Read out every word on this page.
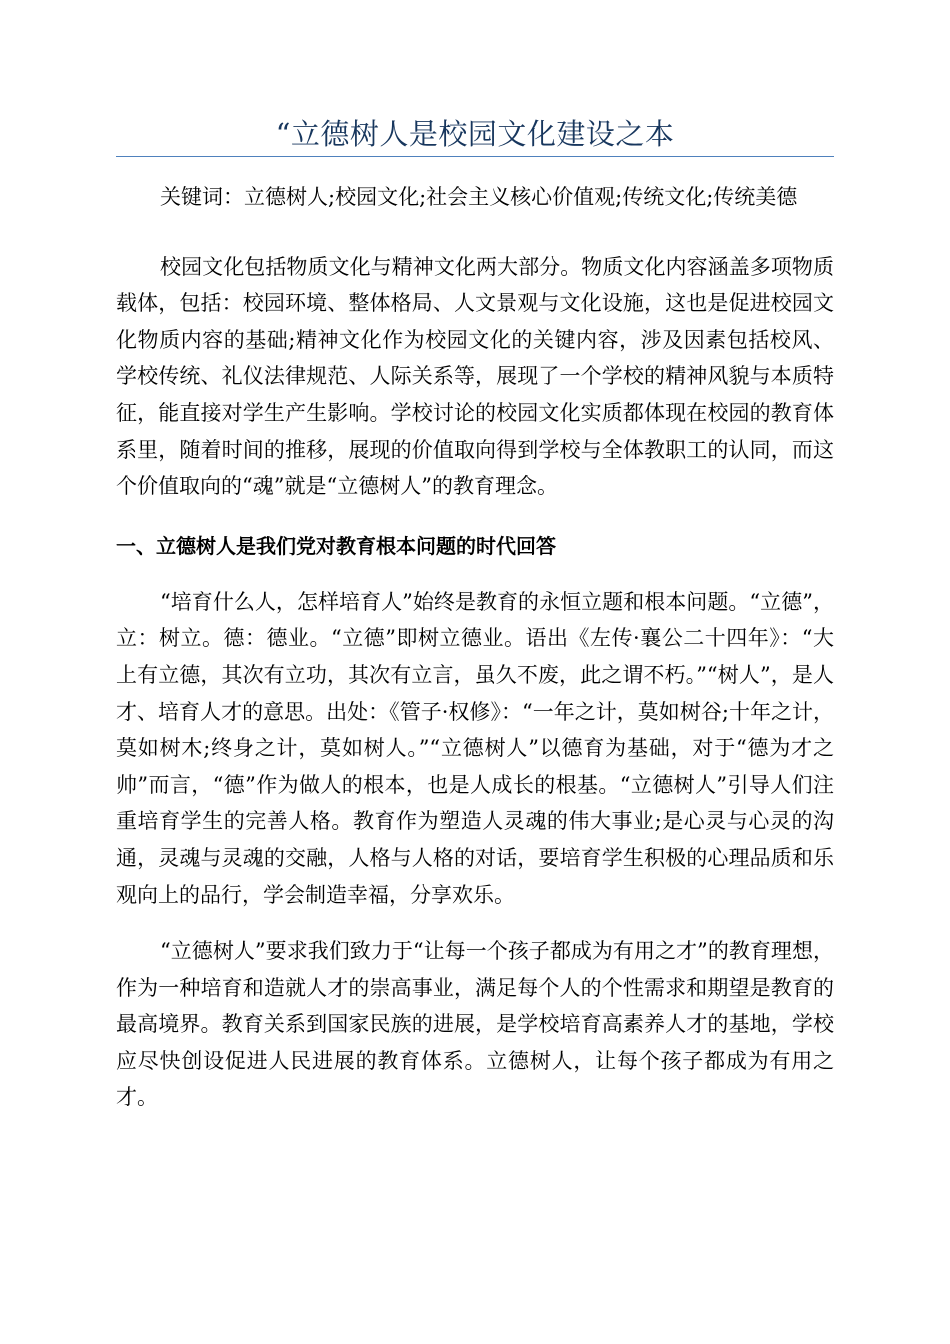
“立德树人是校园文化建设之本

关键词：立德树人;校园文化;社会主义核心价值观;传统文化;传统美德

校园文化包括物质文化与精神文化两大部分。物质文化内容涵盖多项物质载体，包括：校园环境、整体格局、人文景观与文化设施，这也是促进校园文化物质内容的基础;精神文化作为校园文化的关键内容，涉及因素包括校风、学校传统、礼仪法律规范、人际关系等，展现了一个学校的精神风貌与本质特征，能直接对学生产生影响。学校讨论的校园文化实质都体现在校园的教育体系里，随着时间的推移，展现的价值取向得到学校与全体教职工的认同，而这个价值取向的“魂”就是“立德树人”的教育理念。

一、立德树人是我们党对教育根本问题的时代回答

“培育什么人，怎样培育人”始终是教育的永恒立题和根本问题。“立德”，立：树立。德：德业。“立德”即树立德业。语出《左传·襄公二十四年》：“大上有立德，其次有立功，其次有立言，虽久不废，此之谓不朽。”“树人”，是人才、培育人才的意思。出处：《管子·权修》：“一年之计，莫如树谷;十年之计，莫如树木;终身之计，莫如树人。”“立德树人”以德育为基础，对于“德为才之帅”而言，“德”作为做人的根本，也是人成长的根基。“立德树人”引导人们注重培育学生的完善人格。教育作为塑造人灵魂的伟大事业;是心灵与心灵的沟通，灵魂与灵魂的交融，人格与人格的对话，要培育学生积极的心理品质和乐观向上的品行，学会制造幸福，分享欢乐。

“立德树人”要求我们致力于“让每一个孩子都成为有用之才”的教育理想，作为一种培育和造就人才的崇高事业，满足每个人的个性需求和期望是教育的最高境界。教育关系到国家民族的进展，是学校培育高素养人才的基地，学校应尽快创设促进人民进展的教育体系。立德树人，让每个孩子都成为有用之才。
